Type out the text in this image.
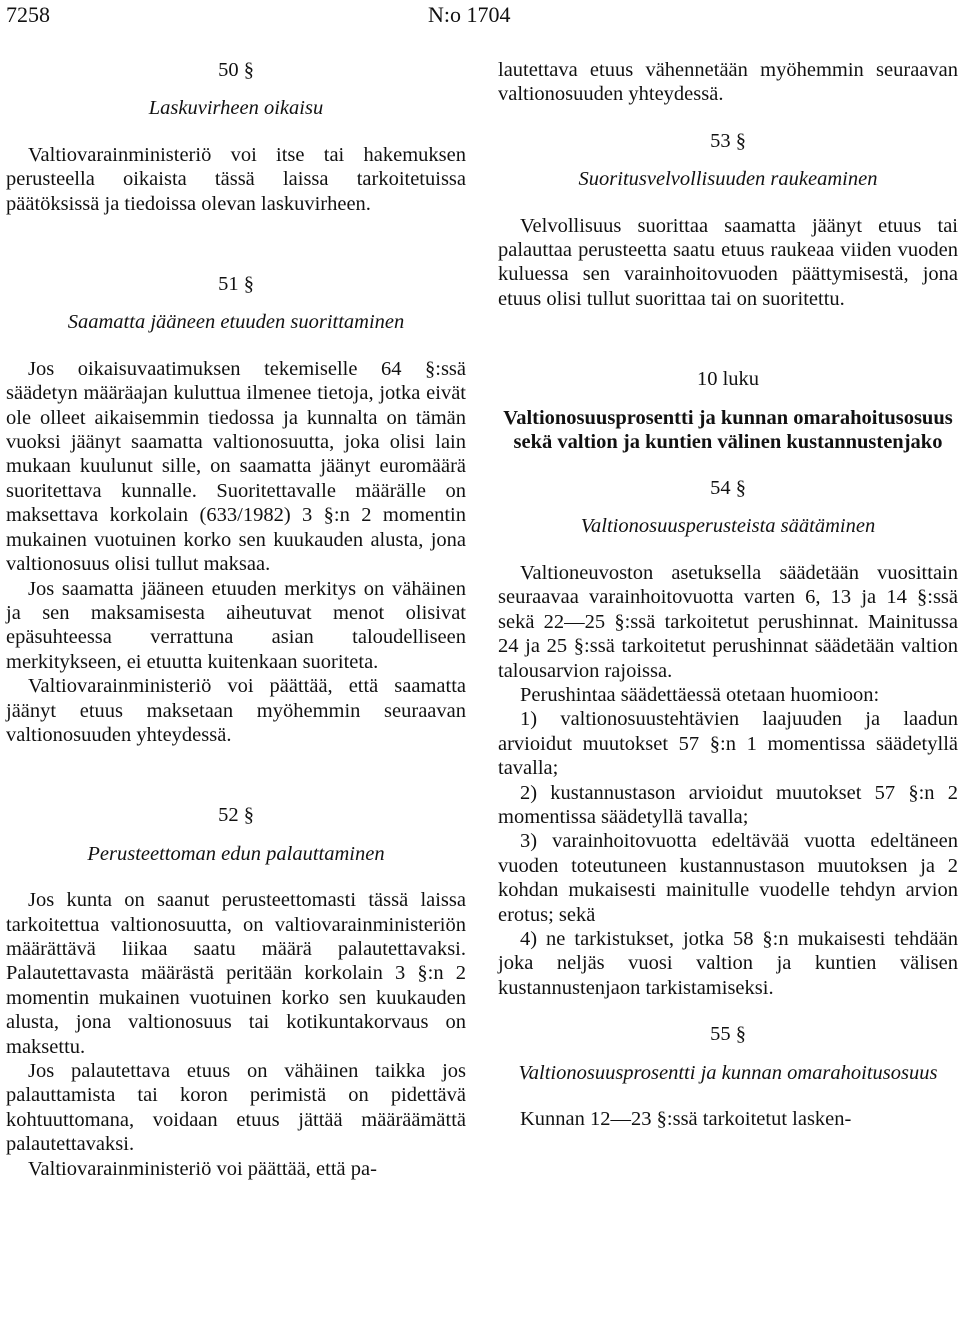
7258	N:o 1704

50 §

Laskuvirheen oikaisu

Valtiovarainministeriö voi itse tai hakemuksen perusteella oikaista tässä laissa tarkoitetuissa päätöksissä ja tiedoissa olevan laskuvirheen.

51 §

Saamatta jääneen etuuden suorittaminen

Jos oikaisuvaatimuksen tekemiselle 64 §:ssä säädetyn määräajan kuluttua ilmenee tietoja, jotka eivät ole olleet aikaisemmin tiedossa ja kunnalta on tämän vuoksi jäänyt saamatta valtionosuutta, joka olisi lain mukaan kuulunut sille, on saamatta jäänyt euromäärä suoritettava kunnalle. Suoritettavalle määrälle on maksettava korkolain (633/1982) 3 §:n 2 momentin mukainen vuotuinen korko sen kuukauden alusta, jona valtionosuus olisi tullut maksaa.

Jos saamatta jääneen etuuden merkitys on vähäinen ja sen maksamisesta aiheutuvat menot olisivat epäsuhteessa verrattuna asian taloudelliseen merkitykseen, ei etuutta kuitenkaan suoriteta.

Valtiovarainministeriö voi päättää, että saamatta jäänyt etuus maksetaan myöhemmin seuraavan valtionosuuden yhteydessä.

52 §

Perusteettoman edun palauttaminen

Jos kunta on saanut perusteettomasti tässä laissa tarkoitettua valtionosuutta, on valtiovarainministeriön määrättävä liikaa saatu määrä palautettavaksi. Palautettavasta määrästä peritään korkolain 3 §:n 2 momentin mukainen vuotuinen korko sen kuukauden alusta, jona valtionosuus tai kotikuntakorvaus on maksettu.

Jos palautettava etuus on vähäinen taikka jos palauttamista tai koron perimistä on pidettävä kohtuuttomana, voidaan etuus jättää määräämättä palautettavaksi.

Valtiovarainministeriö voi päättää, että pa-

lautettava etuus vähennetään myöhemmin seuraavan valtionosuuden yhteydessä.

53 §

Suoritusvelvollisuuden raukeaminen

Velvollisuus suorittaa saamatta jäänyt etuus tai palauttaa perusteetta saatu etuus raukeaa viiden vuoden kuluessa sen varainhoitovuoden päättymisestä, jona etuus olisi tullut suorittaa tai on suoritettu.

10 luku

Valtionosuusprosentti ja kunnan omarahoitusosuus sekä valtion ja kuntien välinen kustannustenjako

54 §

Valtionosuusperusteista säätäminen

Valtioneuvoston asetuksella säädetään vuosittain seuraavaa varainhoitovuotta varten 6, 13 ja 14 §:ssä sekä 22—25 §:ssä tarkoitetut perushinnat. Mainitussa 24 ja 25 §:ssä tarkoitetut perushinnat säädetään valtion talousarvion rajoissa.

Perushintaa säädettäessä otetaan huomioon:

1) valtionosuustehtävien laajuuden ja laadun arvioidut muutokset 57 §:n 1 momentissa säädetyllä tavalla;

2) kustannustason arvioidut muutokset 57 §:n 2 momentissa säädetyllä tavalla;

3) varainhoitovuotta edeltävää vuotta edeltäneen vuoden toteutuneen kustannustason muutoksen ja 2 kohdan mukaisesti mainitulle vuodelle tehdyn arvion erotus; sekä

4) ne tarkistukset, jotka 58 §:n mukaisesti tehdään joka neljäs vuosi valtion ja kuntien välisen kustannustenjaon tarkistamiseksi.

55 §

Valtionosuusprosentti ja kunnan omarahoitusosuus

Kunnan 12—23 §:ssä tarkoitetut lasken-
